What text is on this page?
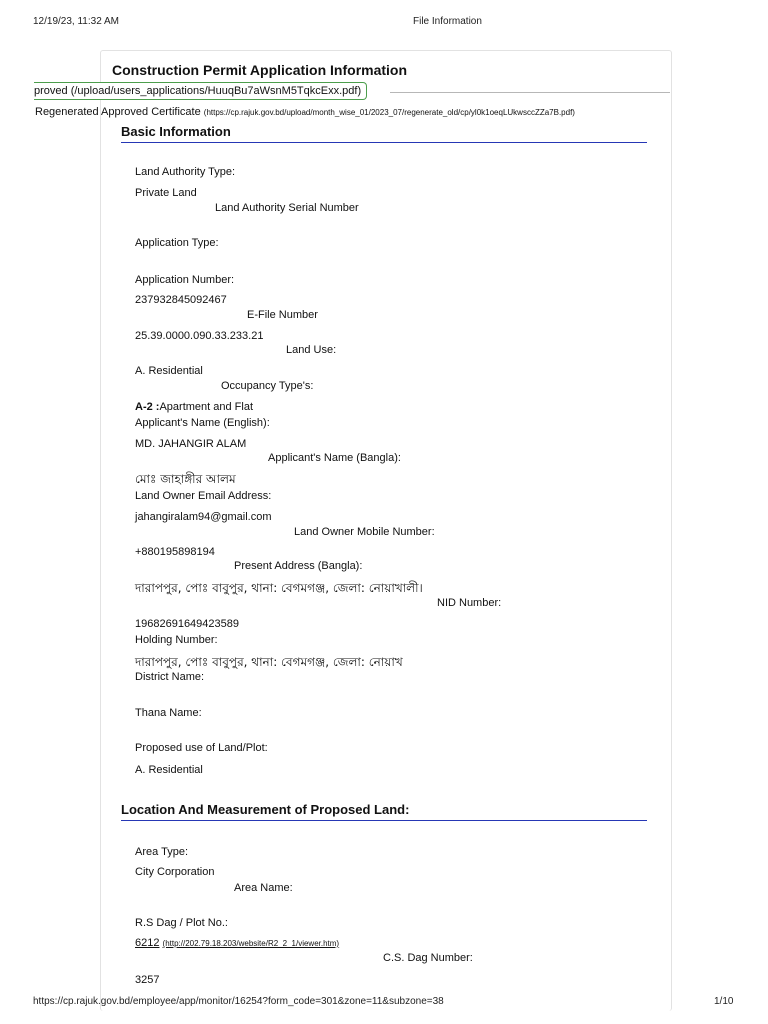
12/19/23, 11:32 AM	File Information
Construction Permit Application Information
proved (/upload/users_applications/HuuqBu7aWsnM5TqkcExx.pdf)
Regenerated Approved Certificate (https://cp.rajuk.gov.bd/upload/month_wise_01/2023_07/regenerate_old/cp/yl0k1oeqLUkwsccZZa7B.pdf)
Basic Information
Land Authority Type:
Private Land
Land Authority Serial Number
Application Type:
Application Number:
237932845092467
E-File Number
25.39.0000.090.33.233.21
Land Use:
A. Residential
Occupancy Type's:
A-2 :Apartment and Flat
Applicant's Name (English):
MD. JAHANGIR ALAM
Applicant's Name (Bangla):
মোঃ জাহাঙ্গীর আলম
Land Owner Email Address:
jahangiralam94@gmail.com
Land Owner Mobile Number:
+880195898194
Present Address (Bangla):
দারাপপুর, পোঃ বাবুপুর, থানা: বেগমগঞ্জ, জেলা: নোয়াখালী।
NID Number:
19682691649423589
Holding Number:
দারাপপুর, পোঃ বাবুপুর, থানা: বেগমগঞ্জ, জেলা: নোয়াখ
District Name:
Thana Name:
Proposed use of Land/Plot:
A. Residential
Location And Measurement of Proposed Land:
Area Type:
City Corporation
Area Name:
R.S Dag / Plot No.:
6212 (http://202.79.18.203/website/R2_2_1/viewer.htm)
C.S. Dag Number:
3257
https://cp.rajuk.gov.bd/employee/app/monitor/16254?form_code=301&zone=11&subzone=38	1/10
